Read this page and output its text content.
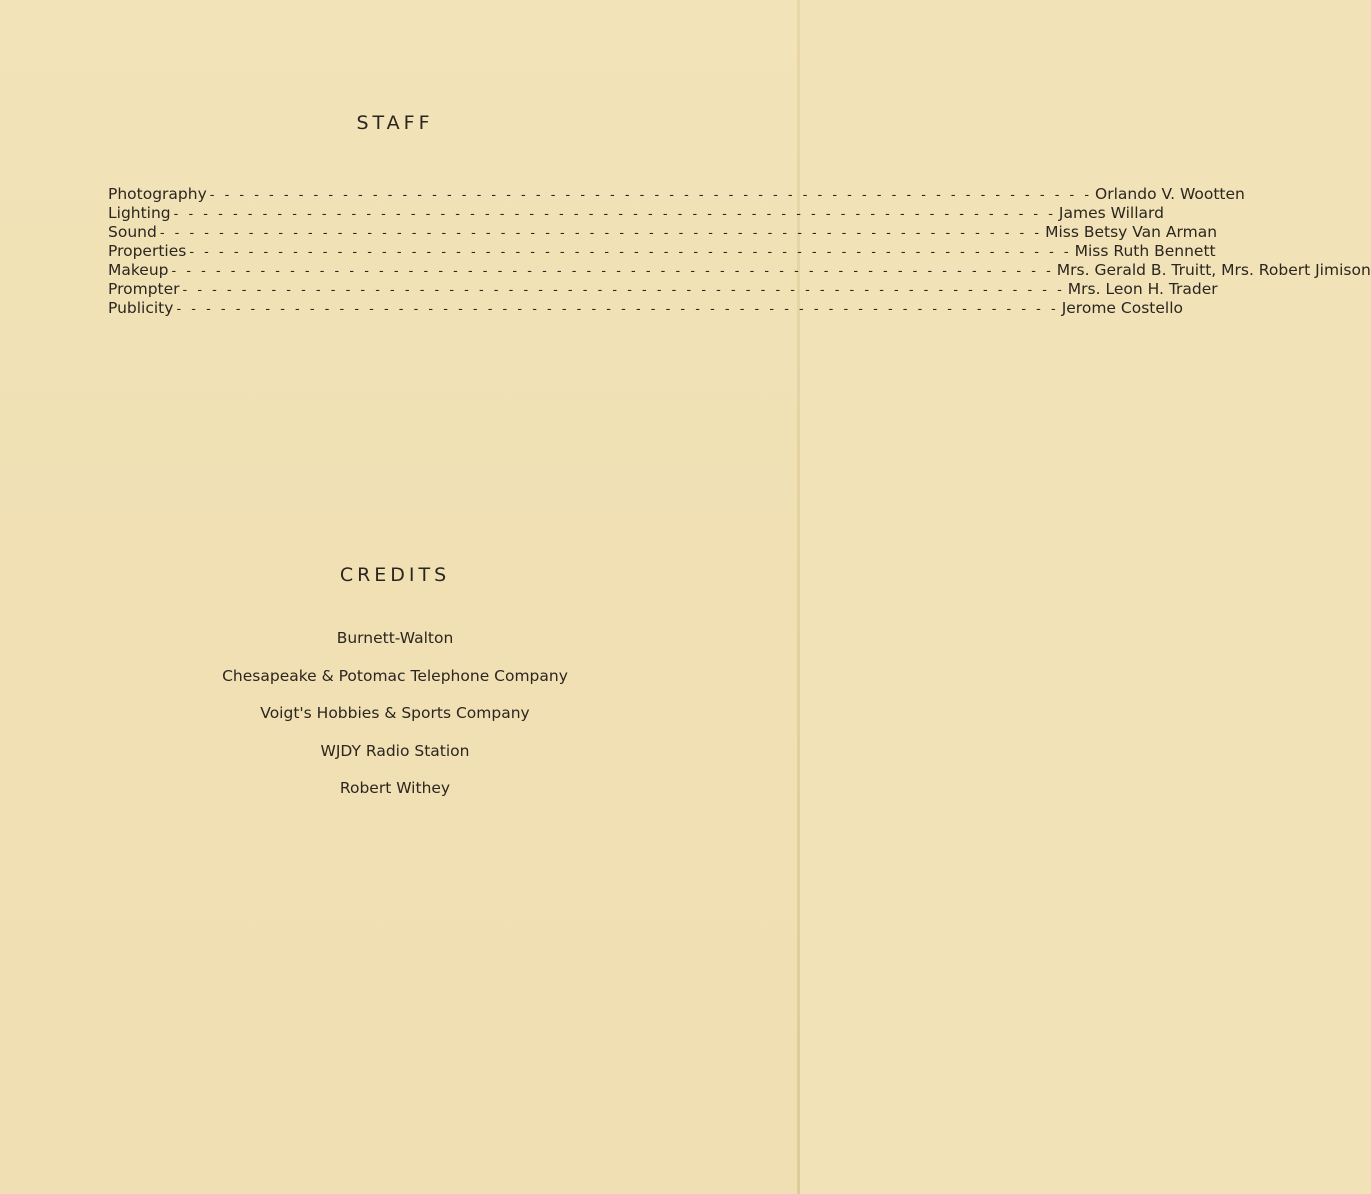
STAFF
Photography - - - - - - - - - - - - - - - - - - - - - - - - - - - - - - - - - - - - - - - - - - - - - - - - - - - - - - - - - - - - Orlando V. Wootten
Lighting - - - - - - - - - - - - - - - - - - - - - - - - - - - - - - - - - - - - - - - - - - - - - - - - - - - - - - - - - - - - James Willard
Sound - - - - - - - - - - - - - - - - - - - - - - - - - - - - - - - - - - - - - - - - - - - - - - - - - - - - - - - - - - - - Miss Betsy Van Arman
Properties - - - - - - - - - - - - - - - - - - - - - - - - - - - - - - - - - - - - - - - - - - - - - - - - - - - - - - - - - - - - Miss Ruth Bennett
Makeup - - - - - - - - - - - - - - - - - - - - - - - - - - - - - - - - - - - - - - - - - - - - - - - - - - - - - - - - - - - - Mrs. Gerald B. Truitt, Mrs. Robert Jimison
Prompter - - - - - - - - - - - - - - - - - - - - - - - - - - - - - - - - - - - - - - - - - - - - - - - - - - - - - - - - - - - - Mrs. Leon H. Trader
Publicity - - - - - - - - - - - - - - - - - - - - - - - - - - - - - - - - - - - - - - - - - - - - - - - - - - - - - - - - - - - - Jerome Costello
CREDITS
Burnett-Walton
Chesapeake & Potomac Telephone Company
Voigt's Hobbies & Sports Company
WJDY Radio Station
Robert Withey
